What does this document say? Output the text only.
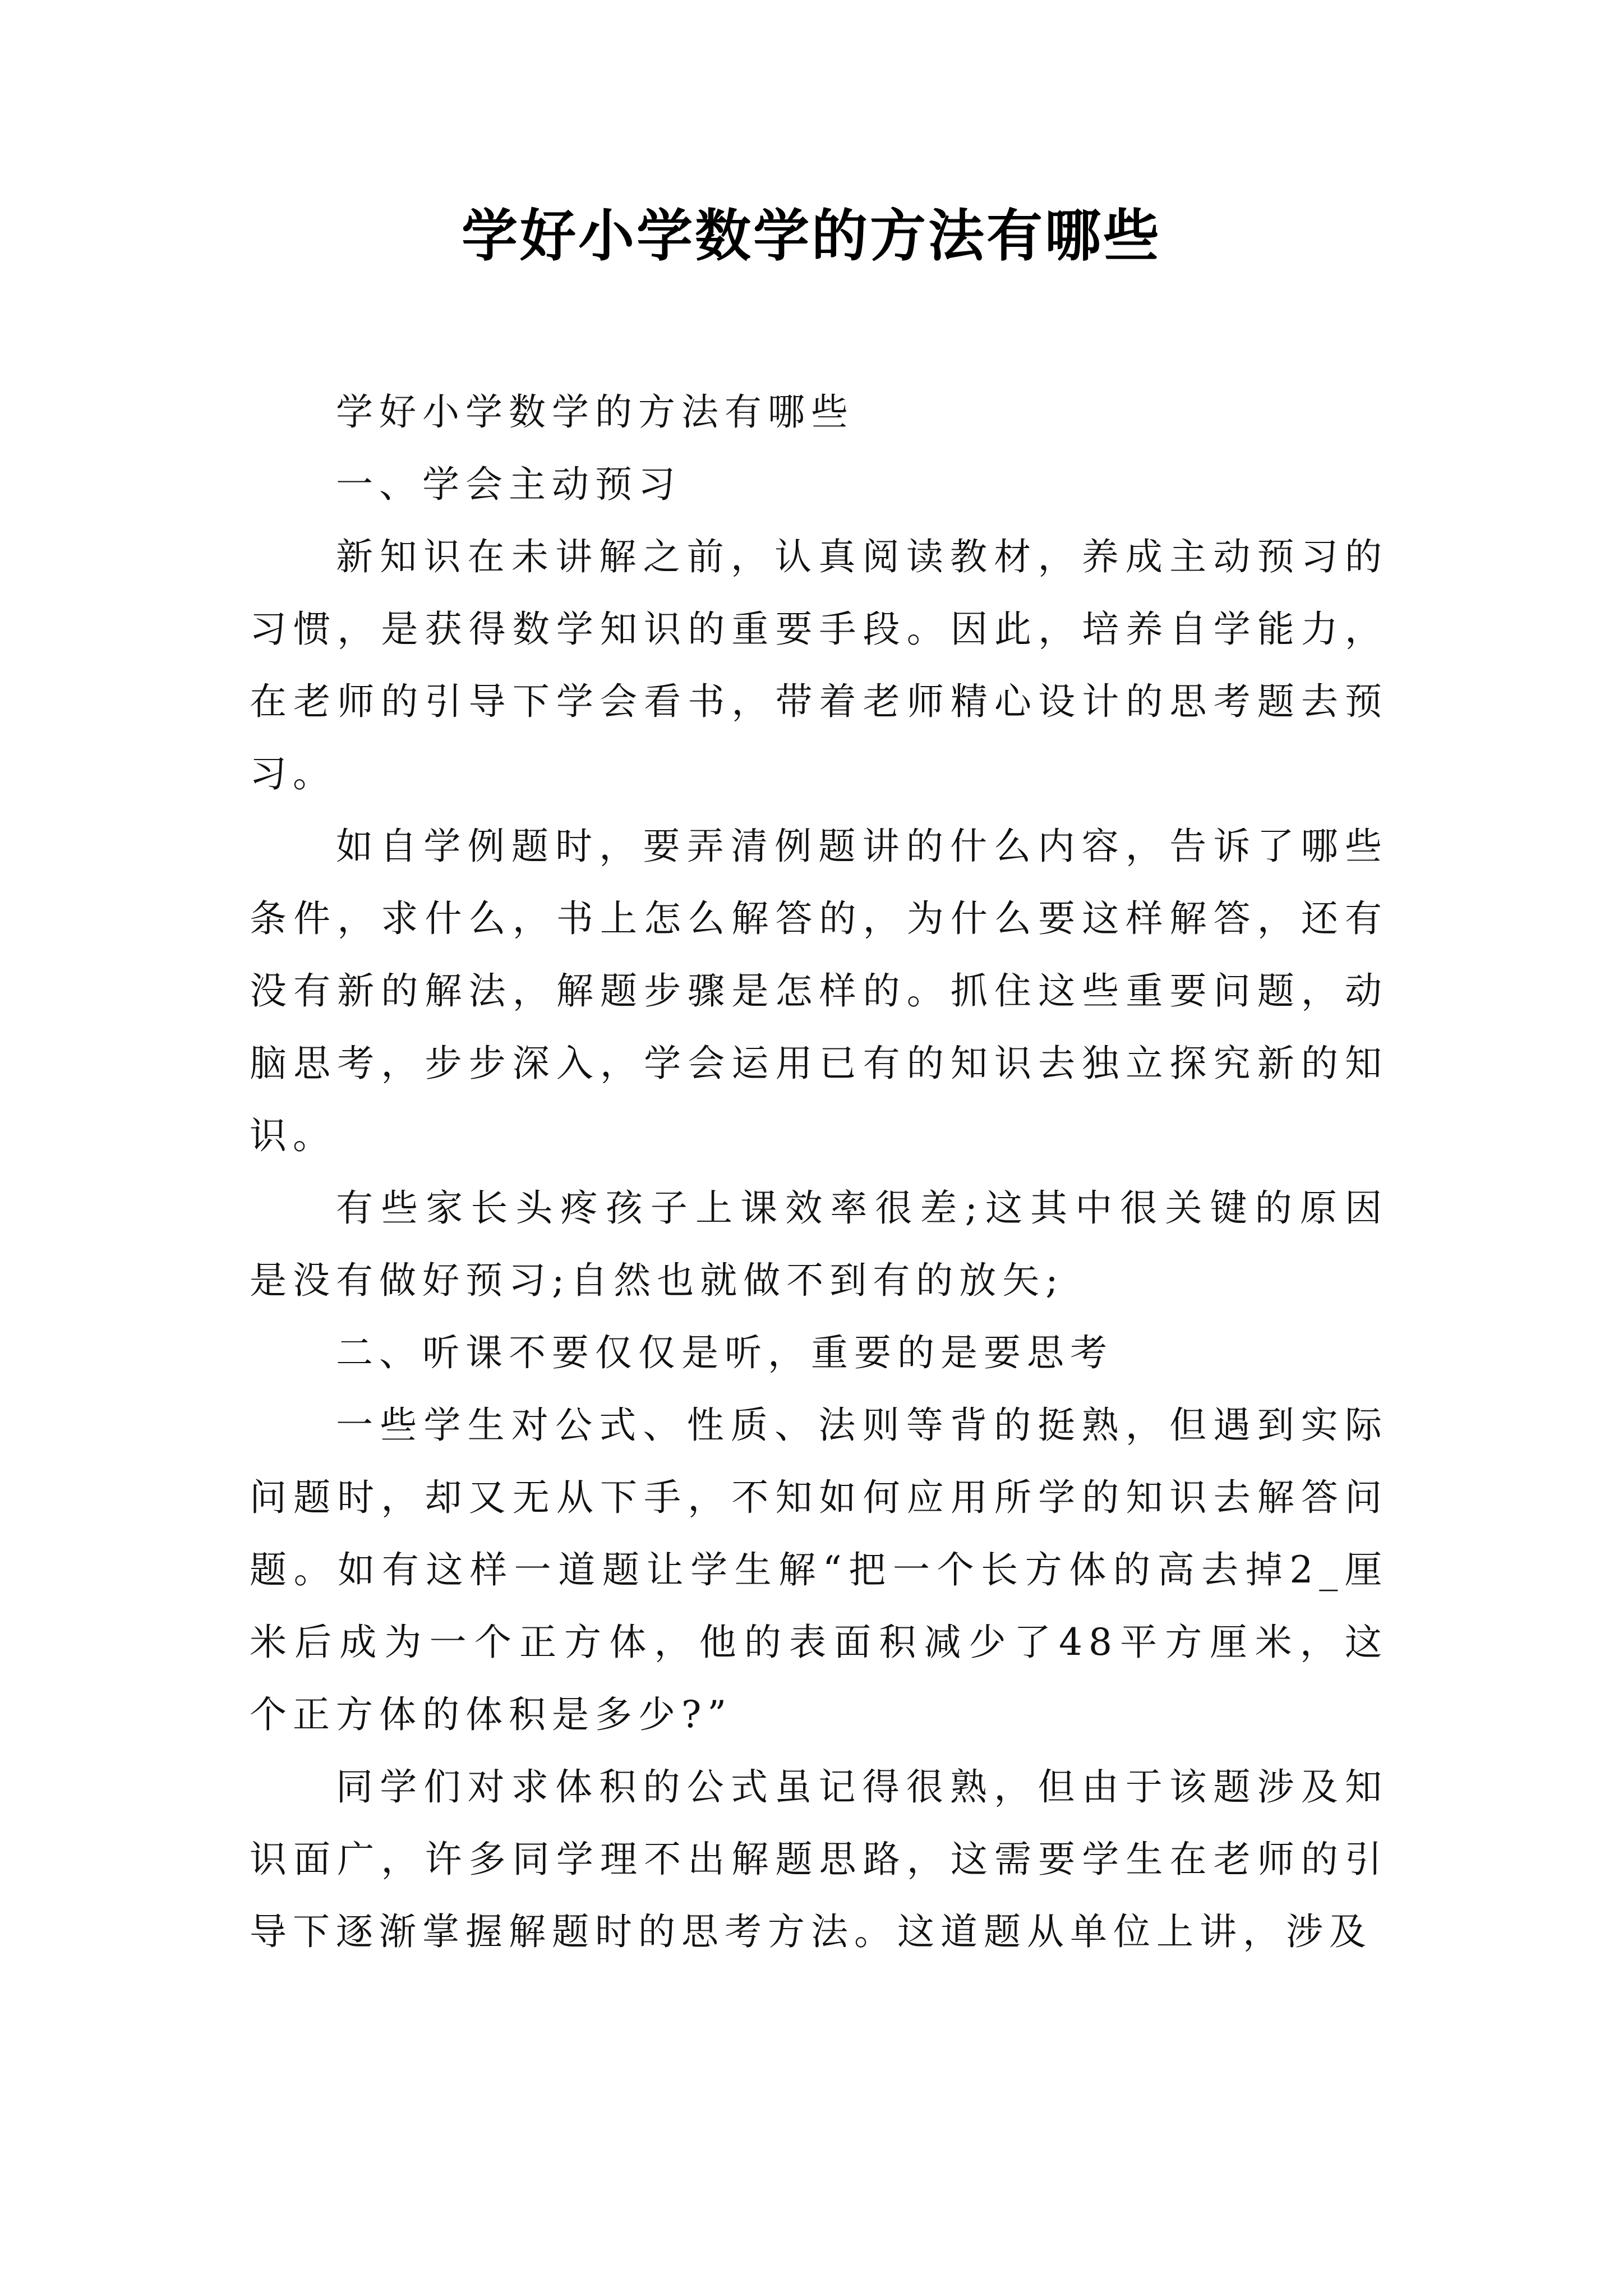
学好小学数学的方法有哪些

学好小学数学的方法有哪些

一、学会主动预习

新知识在未讲解之前，认真阅读教材，养成主动预习的习惯，是获得数学知识的重要手段。因此，培养自学能力，在老师的引导下学会看书，带着老师精心设计的思考题去预习。

如自学例题时，要弄清例题讲的什么内容，告诉了哪些条件，求什么，书上怎么解答的，为什么要这样解答，还有没有新的解法，解题步骤是怎样的。抓住这些重要问题，动脑思考，步步深入，学会运用已有的知识去独立探究新的知识。

有些家长头疼孩子上课效率很差;这其中很关键的原因是没有做好预习;自然也就做不到有的放矢;

二、听课不要仅仅是听，重要的是要思考

一些学生对公式、性质、法则等背的挺熟，但遇到实际问题时，却又无从下手，不知如何应用所学的知识去解答问题。如有这样一道题让学生解“把一个长方体的高去掉2_厘米后成为一个正方体，他的表面积减少了48平方厘米，这个正方体的体积是多少?”

同学们对求体积的公式虽记得很熟，但由于该题涉及知识面广，许多同学理不出解题思路，这需要学生在老师的引导下逐渐掌握解题时的思考方法。这道题从单位上讲，涉及
